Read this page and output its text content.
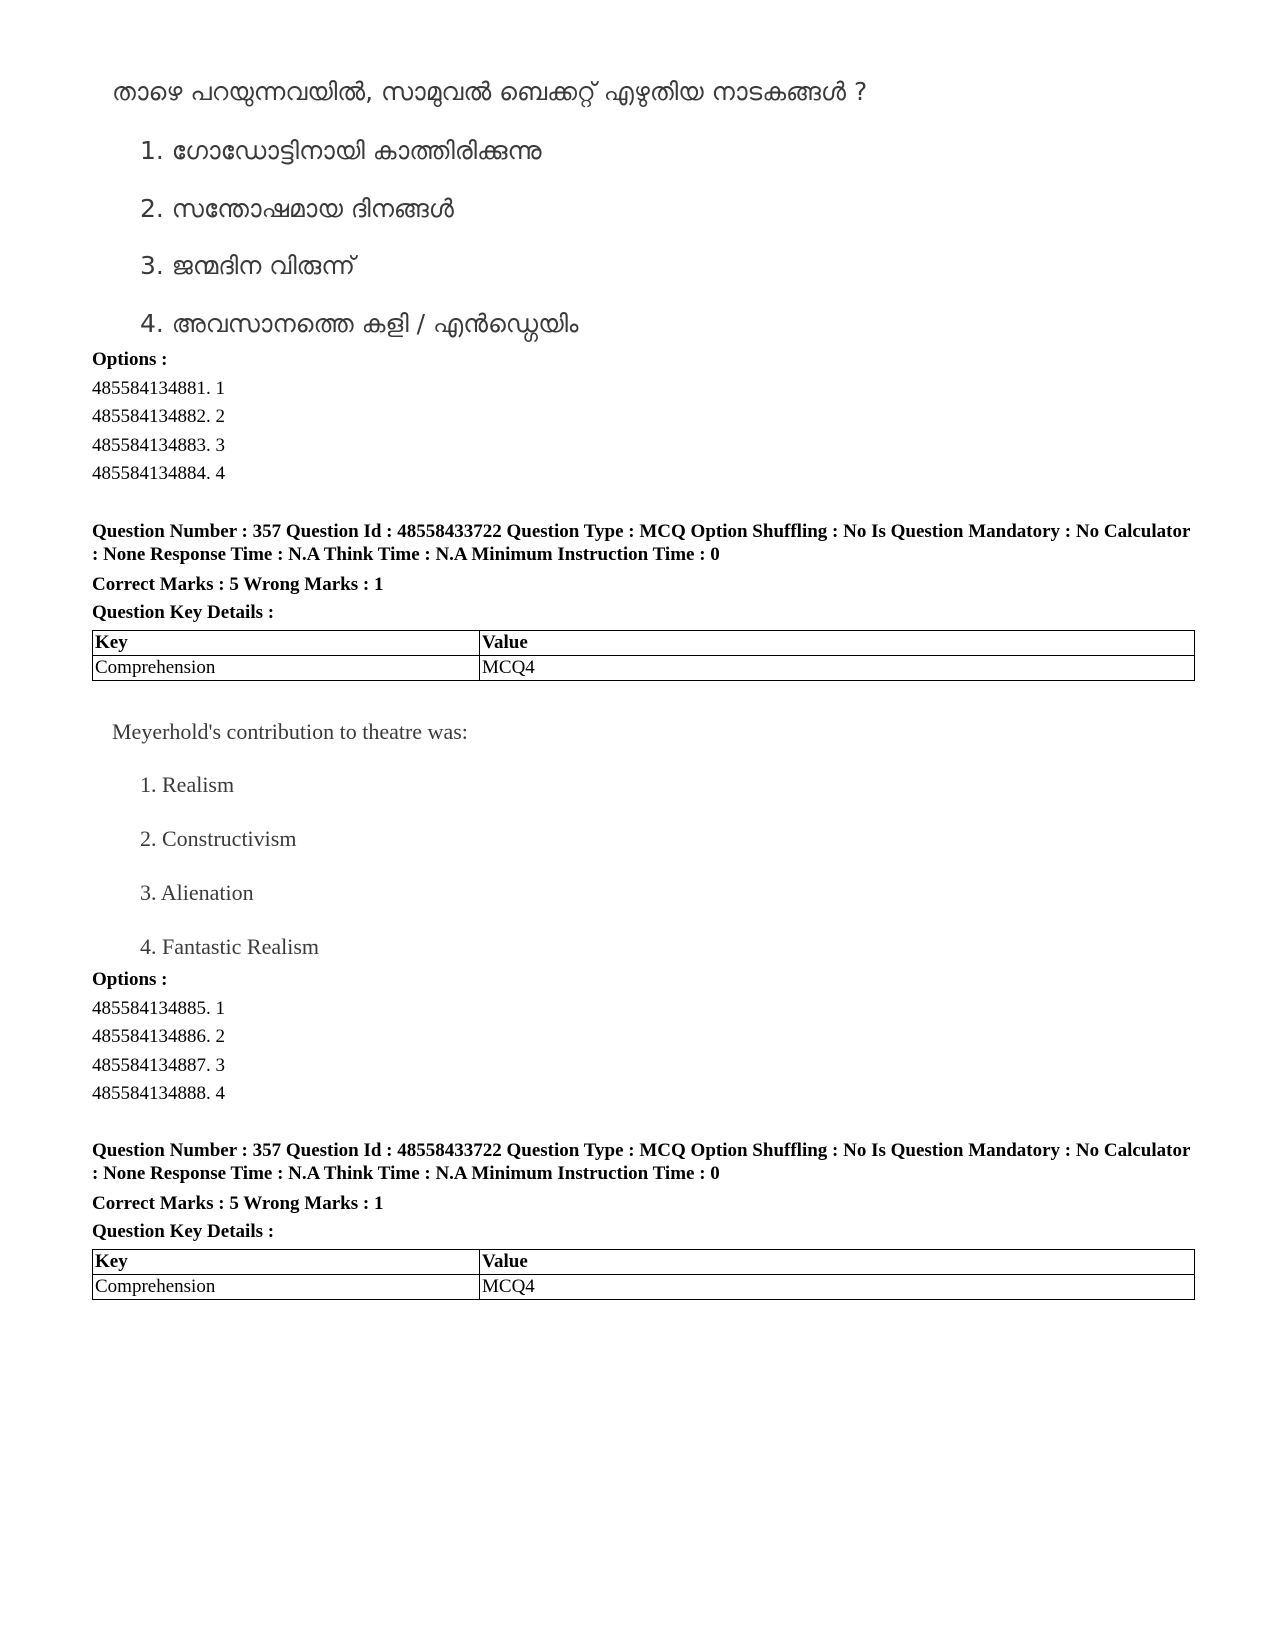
താഴെ പറയുന്നവയിൽ, സാമുവൽ ബെക്കറ്റ് എഴുതിയ നാടകങ്ങൾ ?
1. ഗോഡോട്ടിനായി കാത്തിരിക്കുന്നു
2. സന്തോഷമായ ദിനങ്ങൾ
3. ജന്മദിന വിരുന്ന്
4. അവസാനത്തെ കളി / എൻഡ്ഗെയിം
Options :
485584134881. 1
485584134882. 2
485584134883. 3
485584134884. 4
Question Number : 357 Question Id : 48558433722 Question Type : MCQ Option Shuffling : No Is Question Mandatory : No Calculator : None Response Time : N.A Think Time : N.A Minimum Instruction Time : 0
Correct Marks : 5 Wrong Marks : 1
Question Key Details :
Key	Value
Comprehension	MCQ4
Meyerhold's contribution to theatre was:
1. Realism
2. Constructivism
3. Alienation
4. Fantastic Realism
Options :
485584134885. 1
485584134886. 2
485584134887. 3
485584134888. 4
Question Number : 357 Question Id : 48558433722 Question Type : MCQ Option Shuffling : No Is Question Mandatory : No Calculator : None Response Time : N.A Think Time : N.A Minimum Instruction Time : 0
Correct Marks : 5 Wrong Marks : 1
Question Key Details :
Key	Value
Comprehension	MCQ4
